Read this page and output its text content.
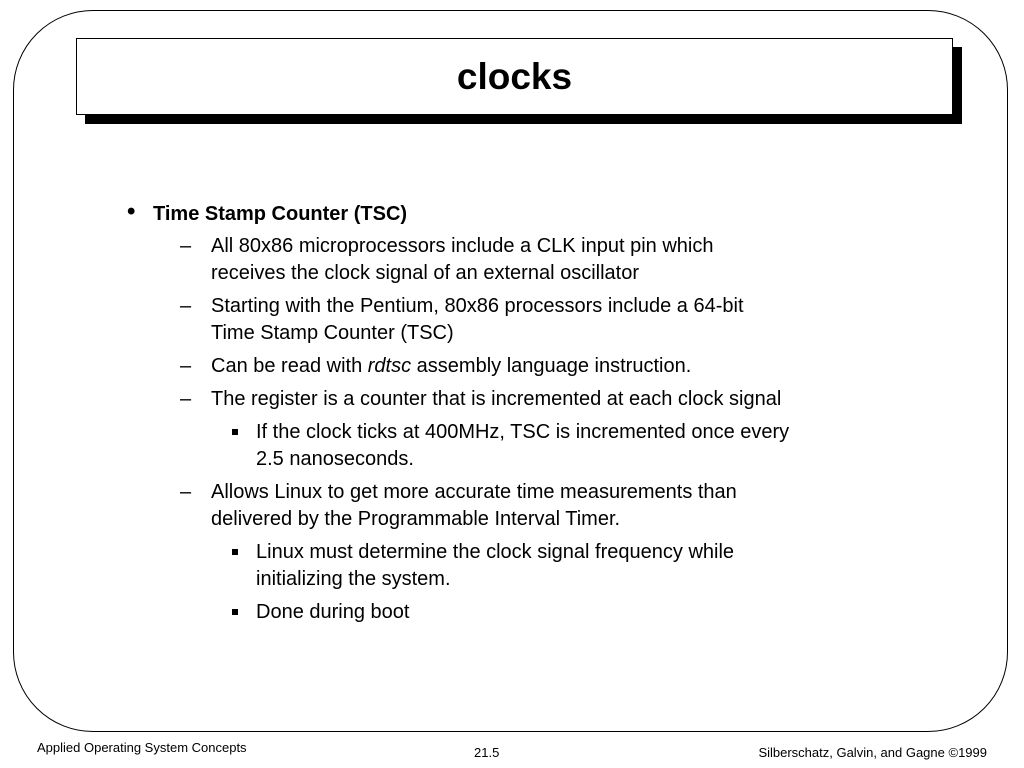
clocks
• Time Stamp Counter (TSC)
– All 80x86 microprocessors include a CLK input pin which
receives the clock signal of an external oscillator
– Starting with the Pentium, 80x86 processors include a 64-bit
Time Stamp Counter (TSC)
– Can be read with rdtsc assembly language instruction.
– The register is a counter that is incremented at each clock signal
If the clock ticks at 400MHz, TSC is incremented once every
2.5 nanoseconds.
– Allows Linux to get more accurate time measurements than
delivered by the Programmable Interval Timer.
Linux must determine the clock signal frequency while
initializing the system.
Done during boot
Applied Operating System Concepts	21.5	Silberschatz, Galvin, and Gagne ©1999
